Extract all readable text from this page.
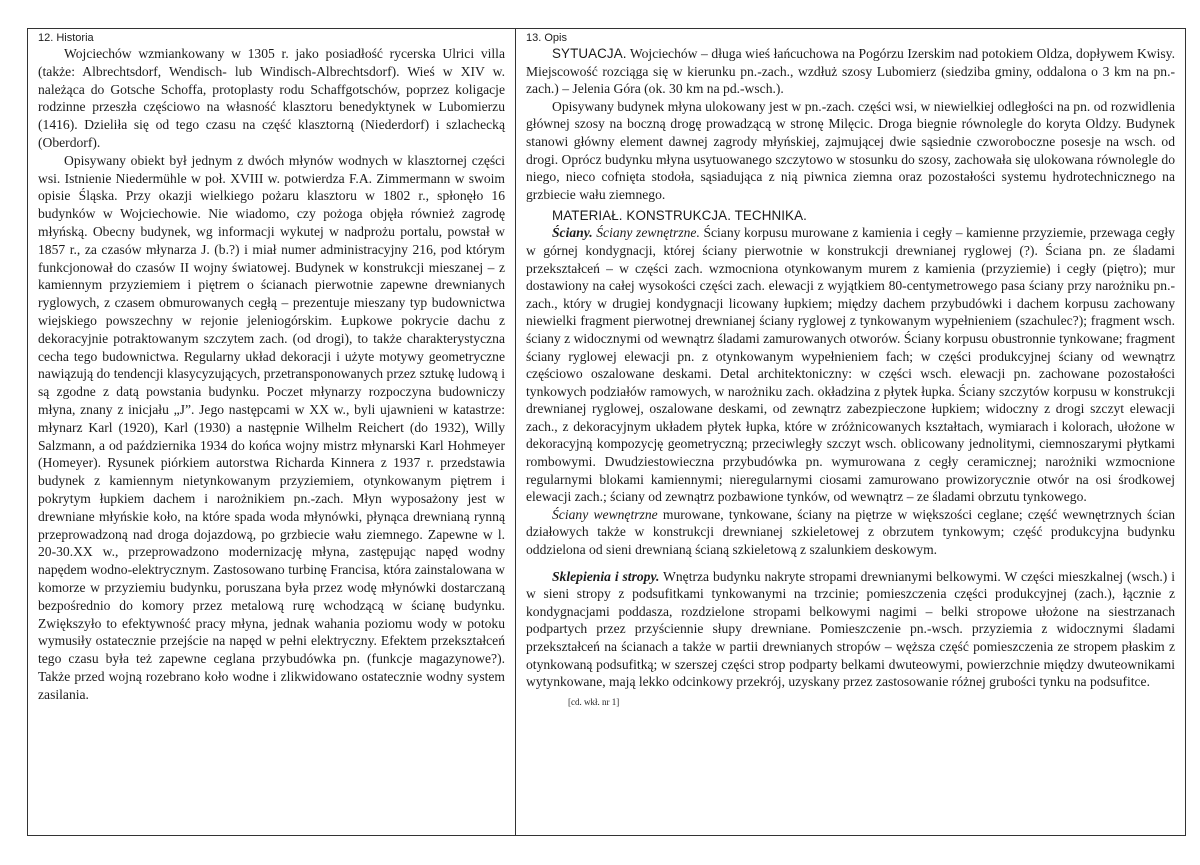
12. Historia

Wojciechów wzmiankowany w 1305 r. jako posiadłość rycerska Ulrici villa (także: Albrechtsdorf, Wendisch- lub Windisch-Albrechtsdorf). Wieś w XIV w. należąca do Gotsche Schoffa, protoplasty rodu Schaffgotschów, poprzez koligacje rodzinne przeszła częściowo na własność klasztoru benedyktynek w Lubomierzu (1416). Dzieliła się od tego czasu na część klasztorną (Niederdorf) i szlachecką (Oberdorf).

Opisywany obiekt był jednym z dwóch młynów wodnych w klasztornej części wsi. Istnienie Niedermühle w poł. XVIII w. potwierdza F.A. Zimmermann w swoim opisie Śląska. Przy okazji wielkiego pożaru klasztoru w 1802 r., spłonęło 16 budynków w Wojciechowie. Nie wiadomo, czy pożoga objęła również zagrodę młyńską. Obecny budynek, wg informacji wykutej w nadprożu portalu, powstał w 1857 r., za czasów młynarza J. (b.?) i miał numer administracyjny 216, pod którym funkcjonował do czasów II wojny światowej. Budynek w konstrukcji mieszanej – z kamiennym przyziemiem i piętrem o ścianach pierwotnie zapewne drewnianych ryglowych, z czasem obmurowanych cegłą – prezentuje mieszany typ budownictwa wiejskiego powszechny w rejonie jeleniogórskim. Łupkowe pokrycie dachu z dekoracyjnie potraktowanym szczytem zach. (od drogi), to także charakterystyczna cecha tego budownictwa. Regularny układ dekoracji i użyte motywy geometryczne nawiązują do tendencji klasycyzujących, przetransponowanych przez sztukę ludową i są zgodne z datą powstania budynku. Poczet młynarzy rozpoczyna budowniczy młyna, znany z inicjału „J”. Jego następcami w XX w., byli ujawnieni w katastrze: młynarz Karl (1920), Karl (1930) a następnie Wilhelm Reichert (do 1932), Willy Salzmann, a od października 1934 do końca wojny mistrz młynarski Karl Hohmeyer (Homeyer). Rysunek piórkiem autorstwa Richarda Kinnera z 1937 r. przedstawia budynek z kamiennym nietynkowanym przyziemiem, otynkowanym piętrem i pokrytym łupkiem dachem i narożnikiem pn.-zach. Młyn wyposażony jest w drewniane młyńskie koło, na które spada woda młynówki, płynąca drewnianą rynną przeprowadzoną nad droga dojazdową, po grzbiecie wału ziemnego. Zapewne w l. 20-30.XX w., przeprowadzono modernizację młyna, zastępując napęd wodny napędem wodno-elektrycznym. Zastosowano turbinę Francisa, która zainstalowana w komorze w przyziemiu budynku, poruszana była przez wodę młynówki dostarczaną bezpośrednio do komory przez metalową rurę wchodzącą w ścianę budynku. Zwiększyło to efektywność pracy młyna, jednak wahania poziomu wody w potoku wymusiły ostatecznie przejście na napęd w pełni elektryczny. Efektem przekształceń tego czasu była też zapewne ceglana przybudówka pn. (funkcje magazynowe?). Także przed wojną rozebrano koło wodne i zlikwidowano ostatecznie wodny system zasilania.

13. Opis

SYTUACJA. Wojciechów – długa wieś łańcuchowa na Pogórzu Izerskim nad potokiem Oldza, dopływem Kwisy. Miejscowość rozciąga się w kierunku pn.-zach., wzdłuż szosy Lubomierz (siedziba gminy, oddalona o 3 km na pn.-zach.) – Jelenia Góra (ok. 30 km na pd.-wsch.).

Opisywany budynek młyna ulokowany jest w pn.-zach. części wsi, w niewielkiej odległości na pn. od rozwidlenia głównej szosy na boczną drogę prowadzącą w stronę Milęcic. Droga biegnie równolegle do koryta Oldzy. Budynek stanowi główny element dawnej zagrody młyńskiej, zajmującej dwie sąsiednie czworoboczne posesje na wsch. od drogi. Oprócz budynku młyna usytuowanego szczytowo w stosunku do szosy, zachowała się ulokowana równolegle do niego, nieco cofnięta stodoła, sąsiadująca z nią piwnica ziemna oraz pozostałości systemu hydrotechnicznego na grzbiecie wału ziemnego.

MATERIAŁ. KONSTRUKCJA. TECHNIKA.

Ściany. Ściany zewnętrzne. Ściany korpusu murowane z kamienia i cegły – kamienne przyziemie, przewaga cegły w górnej kondygnacji, której ściany pierwotnie w konstrukcji drewnianej ryglowej (?). Ściana pn. ze śladami przekształceń – w części zach. wzmocniona otynkowanym murem z kamienia (przyziemie) i cegły (piętro); mur dostawiony na całej wysokości części zach. elewacji z wyjątkiem 80-centymetrowego pasa ściany przy narożniku pn.-zach., który w drugiej kondygnacji licowany łupkiem; między dachem przybudówki i dachem korpusu zachowany niewielki fragment pierwotnej drewnianej ściany ryglowej z tynkowanym wypełnieniem (szachulec?); fragment wsch. ściany z widocznymi od wewnątrz śladami zamurowanych otworów. Ściany korpusu obustronnie tynkowane; fragment ściany ryglowej elewacji pn. z otynkowanym wypełnieniem fach; w części produkcyjnej ściany od wewnątrz częściowo oszalowane deskami. Detal architektoniczny: w części wsch. elewacji pn. zachowane pozostałości tynkowych podziałów ramowych, w narożniku zach. okładzina z płytek łupka. Ściany szczytów korpusu w konstrukcji drewnianej ryglowej, oszalowane deskami, od zewnątrz zabezpieczone łupkiem; widoczny z drogi szczyt elewacji zach., z dekoracyjnym układem płytek łupka, które w zróżnicowanych kształtach, wymiarach i kolorach, ułożone w dekoracyjną kompozycję geometryczną; przeciwległy szczyt wsch. oblicowany jednolitymi, ciemnoszarymi płytkami rombowymi. Dwudziestowieczna przybudówka pn. wymurowana z cegły ceramicznej; narożniki wzmocnione regularnymi blokami kamiennymi; nieregularnymi ciosami zamurowano prowizorycznie otwór na osi środkowej elewacji zach.; ściany od zewnątrz pozbawione tynków, od wewnątrz – ze śladami obrzutu tynkowego.

Ściany wewnętrzne murowane, tynkowane, ściany na piętrze w większości ceglane; część wewnętrznych ścian działowych także w konstrukcji drewnianej szkieletowej z obrzutem tynkowym; część produkcyjna budynku oddzielona od sieni drewnianą ścianą szkieletową z szalunkiem deskowym.

Sklepienia i stropy. Wnętrza budynku nakryte stropami drewnianymi belkowymi. W części mieszkalnej (wsch.) i w sieni stropy z podsufitkami tynkowanymi na trzcinie; pomieszczenia części produkcyjnej (zach.), łącznie z kondygnacjami poddasza, rozdzielone stropami belkowymi nagimi – belki stropowe ułożone na siestrzanach podpartych przez przyściennie słupy drewniane. Pomieszczenie pn.-wsch. przyziemia z widocznymi śladami przekształceń na ścianach a także w partii drewnianych stropów – węższa część pomieszczenia ze stropem płaskim z otynkowaną podsufitką; w szerszej części strop podparty belkami dwuteowymi, powierzchnie między dwuteownikami wytynkowane, mają lekko odcinkowy przekrój, uzyskany przez zastosowanie różnej grubości tynku na podsufitce.

[cd. wkł. nr 1]
